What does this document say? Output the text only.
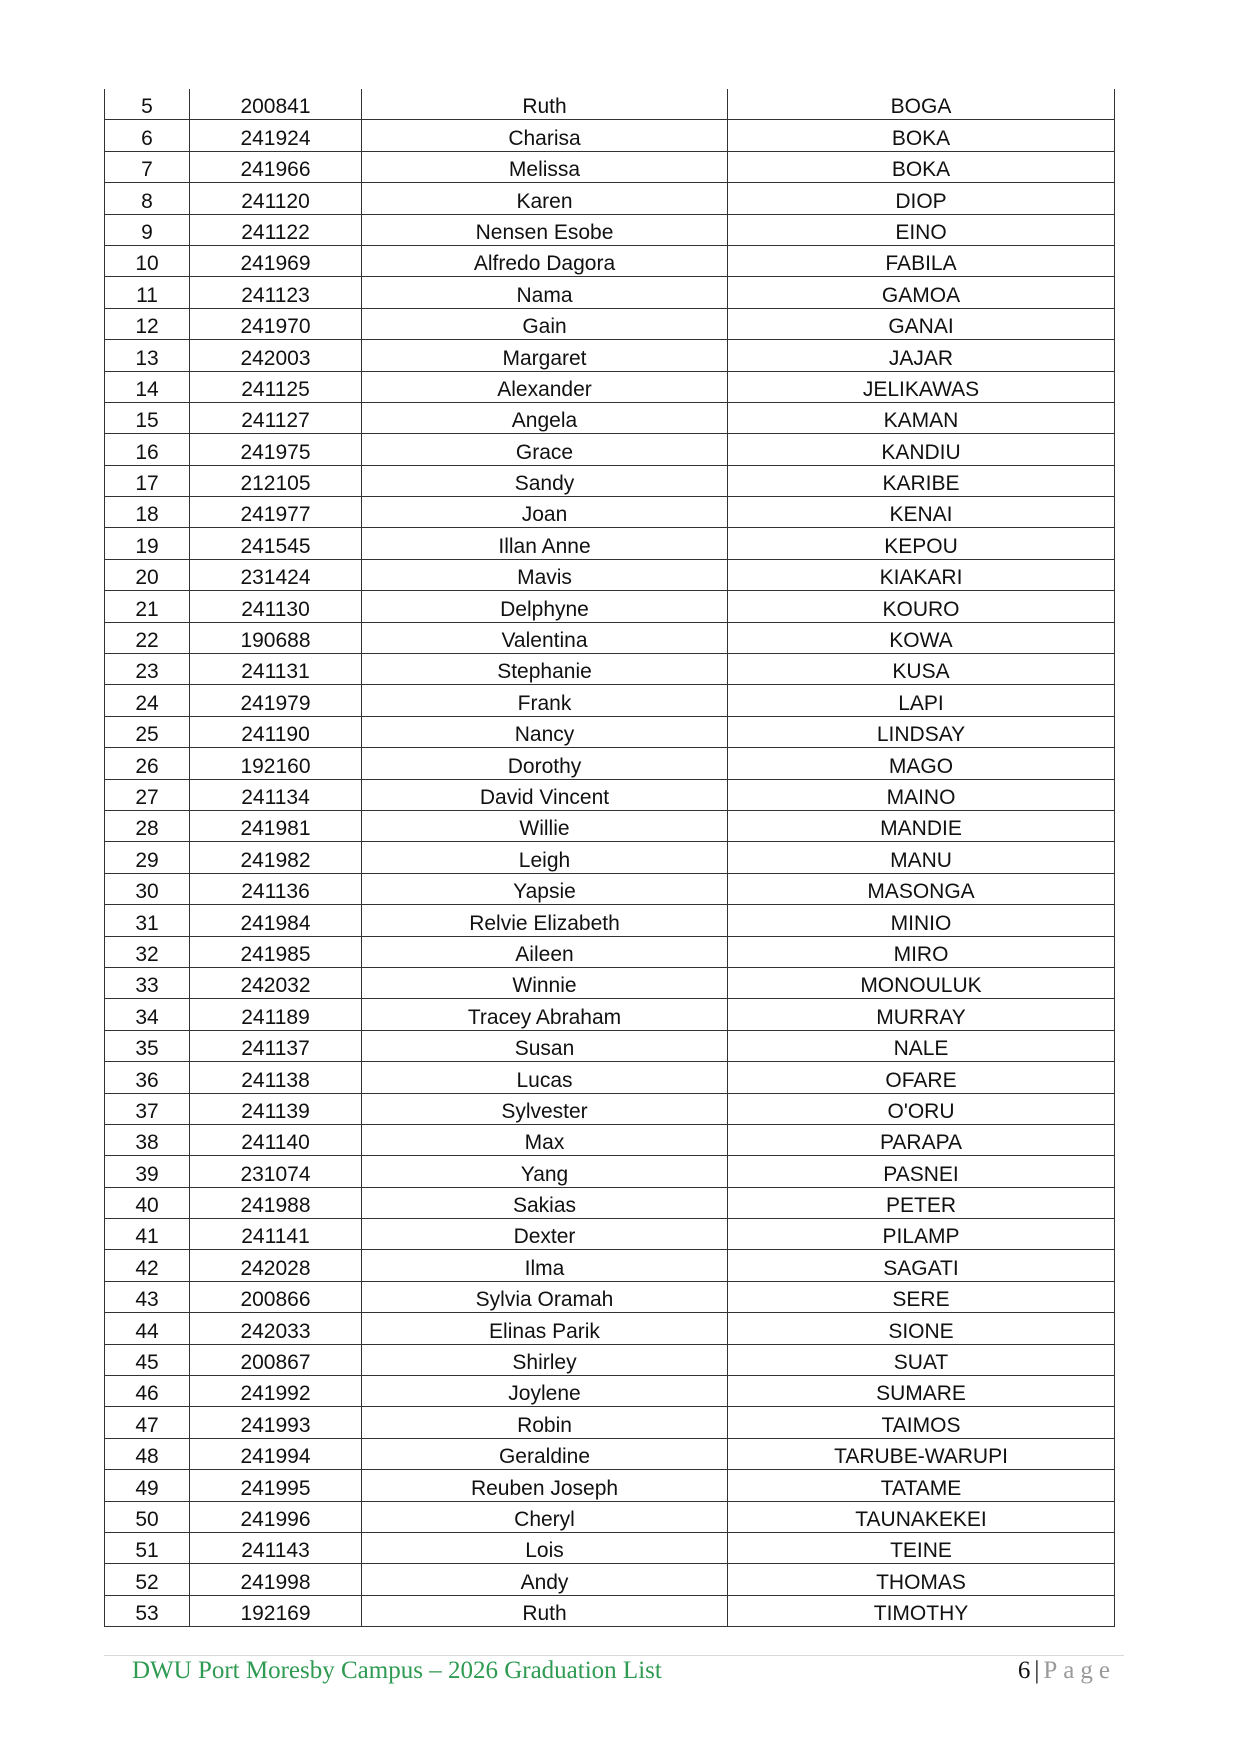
5	200841	Ruth	BOGA
6	241924	Charisa	BOKA
7	241966	Melissa	BOKA
8	241120	Karen	DIOP
9	241122	Nensen Esobe	EINO
10	241969	Alfredo Dagora	FABILA
11	241123	Nama	GAMOA
12	241970	Gain	GANAI
13	242003	Margaret	JAJAR
14	241125	Alexander	JELIKAWAS
15	241127	Angela	KAMAN
16	241975	Grace	KANDIU
17	212105	Sandy	KARIBE
18	241977	Joan	KENAI
19	241545	Illan Anne	KEPOU
20	231424	Mavis	KIAKARI
21	241130	Delphyne	KOURO
22	190688	Valentina	KOWA
23	241131	Stephanie	KUSA
24	241979	Frank	LAPI
25	241190	Nancy	LINDSAY
26	192160	Dorothy	MAGO
27	241134	David Vincent	MAINO
28	241981	Willie	MANDIE
29	241982	Leigh	MANU
30	241136	Yapsie	MASONGA
31	241984	Relvie Elizabeth	MINIO
32	241985	Aileen	MIRO
33	242032	Winnie	MONOULUK
34	241189	Tracey Abraham	MURRAY
35	241137	Susan	NALE
36	241138	Lucas	OFARE
37	241139	Sylvester	O'ORU
38	241140	Max	PARAPA
39	231074	Yang	PASNEI
40	241988	Sakias	PETER
41	241141	Dexter	PILAMP
42	242028	Ilma	SAGATI
43	200866	Sylvia Oramah	SERE
44	242033	Elinas Parik	SIONE
45	200867	Shirley	SUAT
46	241992	Joylene	SUMARE
47	241993	Robin	TAIMOS
48	241994	Geraldine	TARUBE-WARUPI
49	241995	Reuben Joseph	TATAME
50	241996	Cheryl	TAUNAKEKEI
51	241143	Lois	TEINE
52	241998	Andy	THOMAS
53	192169	Ruth	TIMOTHY
DWU Port Moresby Campus – 2026 Graduation List	6 | Page
